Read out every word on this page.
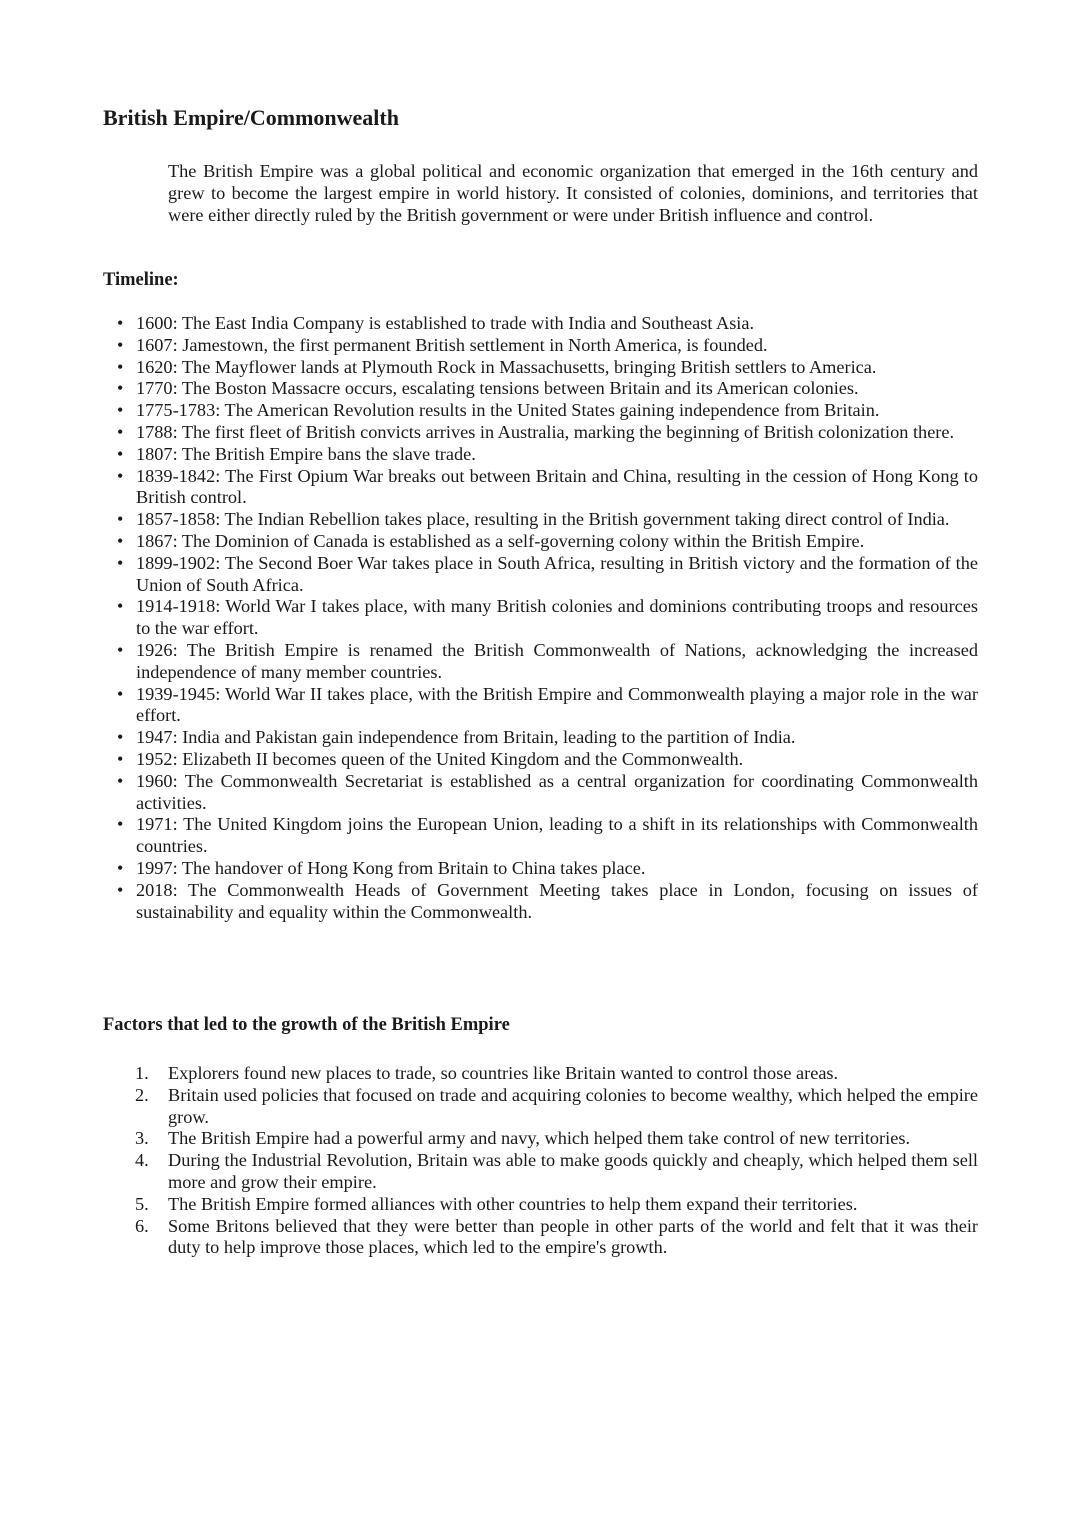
British Empire/Commonwealth

The British Empire was a global political and economic organization that emerged in the 16th century and grew to become the largest empire in world history. It consisted of colonies, dominions, and territories that were either directly ruled by the British government or were under British influence and control.

Timeline:
• 1600: The East India Company is established to trade with India and Southeast Asia.
• 1607: Jamestown, the first permanent British settlement in North America, is founded.
• 1620: The Mayflower lands at Plymouth Rock in Massachusetts, bringing British settlers to America.
• 1770: The Boston Massacre occurs, escalating tensions between Britain and its American colonies.
• 1775-1783: The American Revolution results in the United States gaining independence from Britain.
• 1788: The first fleet of British convicts arrives in Australia, marking the beginning of British colonization there.
• 1807: The British Empire bans the slave trade.
• 1839-1842: The First Opium War breaks out between Britain and China, resulting in the cession of Hong Kong to British control.
• 1857-1858: The Indian Rebellion takes place, resulting in the British government taking direct control of India.
• 1867: The Dominion of Canada is established as a self-governing colony within the British Empire.
• 1899-1902: The Second Boer War takes place in South Africa, resulting in British victory and the formation of the Union of South Africa.
• 1914-1918: World War I takes place, with many British colonies and dominions contributing troops and resources to the war effort.
• 1926: The British Empire is renamed the British Commonwealth of Nations, acknowledging the increased independence of many member countries.
• 1939-1945: World War II takes place, with the British Empire and Commonwealth playing a major role in the war effort.
• 1947: India and Pakistan gain independence from Britain, leading to the partition of India.
• 1952: Elizabeth II becomes queen of the United Kingdom and the Commonwealth.
• 1960: The Commonwealth Secretariat is established as a central organization for coordinating Commonwealth activities.
• 1971: The United Kingdom joins the European Union, leading to a shift in its relationships with Commonwealth countries.
• 1997: The handover of Hong Kong from Britain to China takes place.
• 2018: The Commonwealth Heads of Government Meeting takes place in London, focusing on issues of sustainability and equality within the Commonwealth.
Factors that led to the growth of the British Empire
1. Explorers found new places to trade, so countries like Britain wanted to control those areas.
2. Britain used policies that focused on trade and acquiring colonies to become wealthy, which helped the empire grow.
3. The British Empire had a powerful army and navy, which helped them take control of new territories.
4. During the Industrial Revolution, Britain was able to make goods quickly and cheaply, which helped them sell more and grow their empire.
5. The British Empire formed alliances with other countries to help them expand their territories.
6. Some Britons believed that they were better than people in other parts of the world and felt that it was their duty to help improve those places, which led to the empire's growth.
